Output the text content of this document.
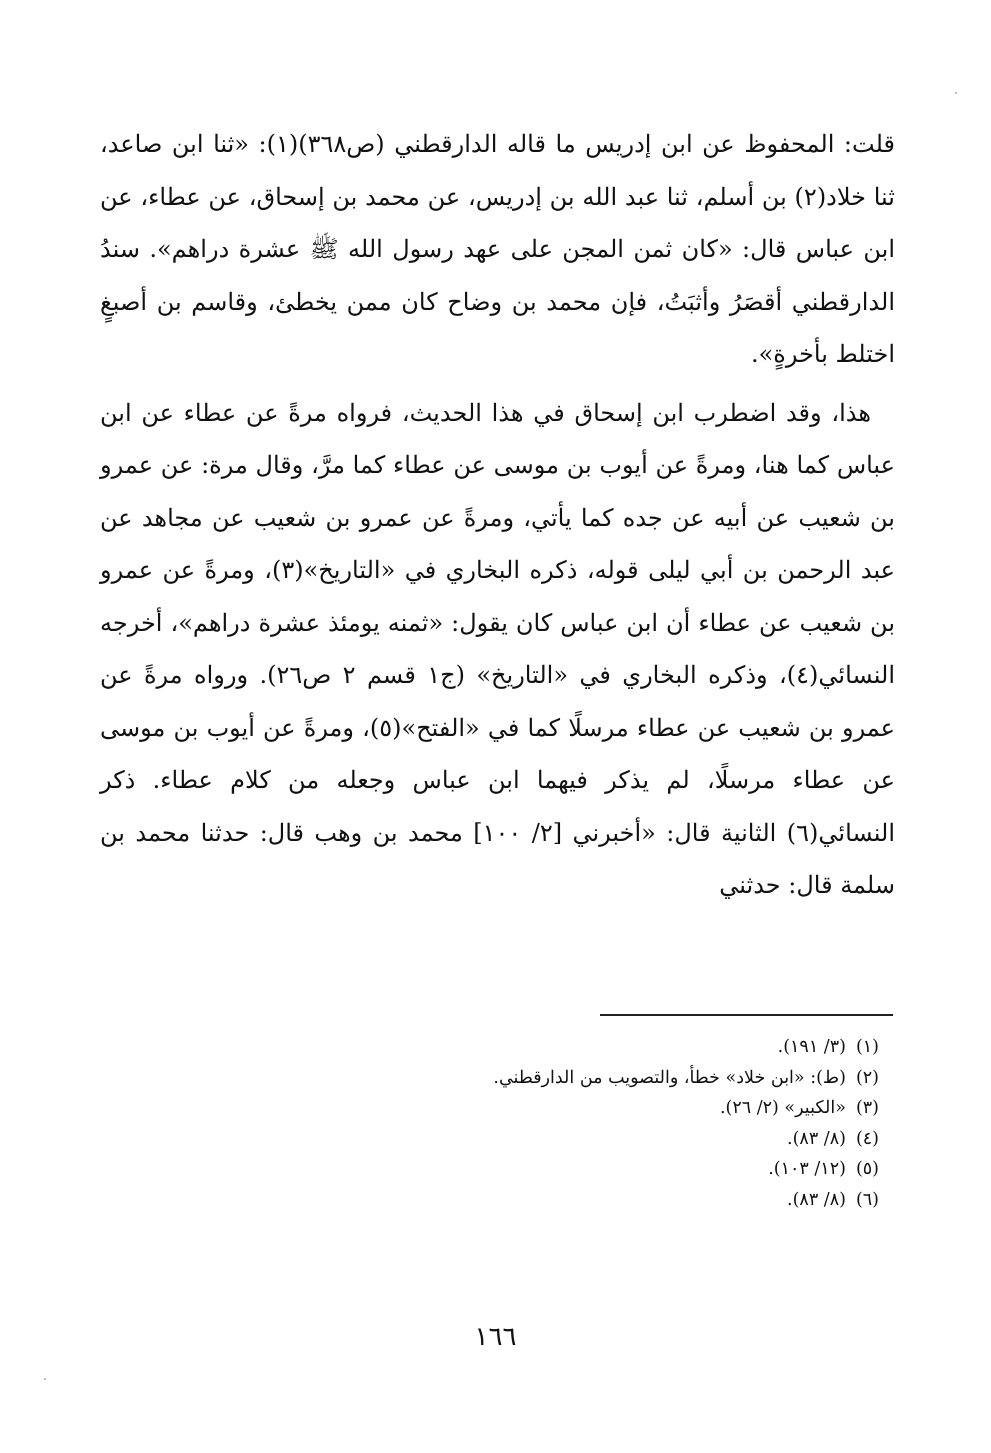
قلت: المحفوظ عن ابن إدريس ما قاله الدارقطني (ص٣٦٨)(١): «ثنا ابن صاعد، ثنا خلاد(٢) بن أسلم، ثنا عبد الله بن إدريس، عن محمد بن إسحاق، عن عطاء، عن ابن عباس قال: «كان ثمن المجن على عهد رسول الله ﷺ عشرة دراهم». سندُ الدارقطني أقصَرُ وأثبَتُ، فإن محمد بن وضاح كان ممن يخطئ، وقاسم بن أصبغٍ اختلط بأخرةٍ».

هذا، وقد اضطرب ابن إسحاق في هذا الحديث، فرواه مرةً عن عطاء عن ابن عباس كما هنا، ومرةً عن أيوب بن موسى عن عطاء كما مرَّ، وقال مرة: عن عمرو بن شعيب عن أبيه عن جده كما يأتي، ومرةً عن عمرو بن شعيب عن مجاهد عن عبد الرحمن بن أبي ليلى قوله، ذكره البخاري في «التاريخ»(٣)، ومرةً عن عمرو بن شعيب عن عطاء أن ابن عباس كان يقول: «ثمنه يومئذ عشرة دراهم»، أخرجه النسائي(٤)، وذكره البخاري في «التاريخ» (ج١ قسم ٢ ص٢٦). ورواه مرةً عن عمرو بن شعيب عن عطاء مرسلًا كما في «الفتح»(٥)، ومرةً عن أيوب بن موسى عن عطاء مرسلًا، لم يذكر فيهما ابن عباس وجعله من كلام عطاء. ذكر النسائي(٦) الثانية قال: «أخبرني [٢/ ١٠٠] محمد بن وهب قال: حدثنا محمد بن سلمة قال: حدثني

(١)(٣/ ١٩١).
(٢)(ط): «ابن خلاد» خطأ، والتصويب من الدارقطني.
(٣)«الكبير» (٢/ ٢٦).
(٤)(٨/ ٨٣).
(٥)(١٢/ ١٠٣).
(٦)(٨/ ٨٣).
١٦٦
